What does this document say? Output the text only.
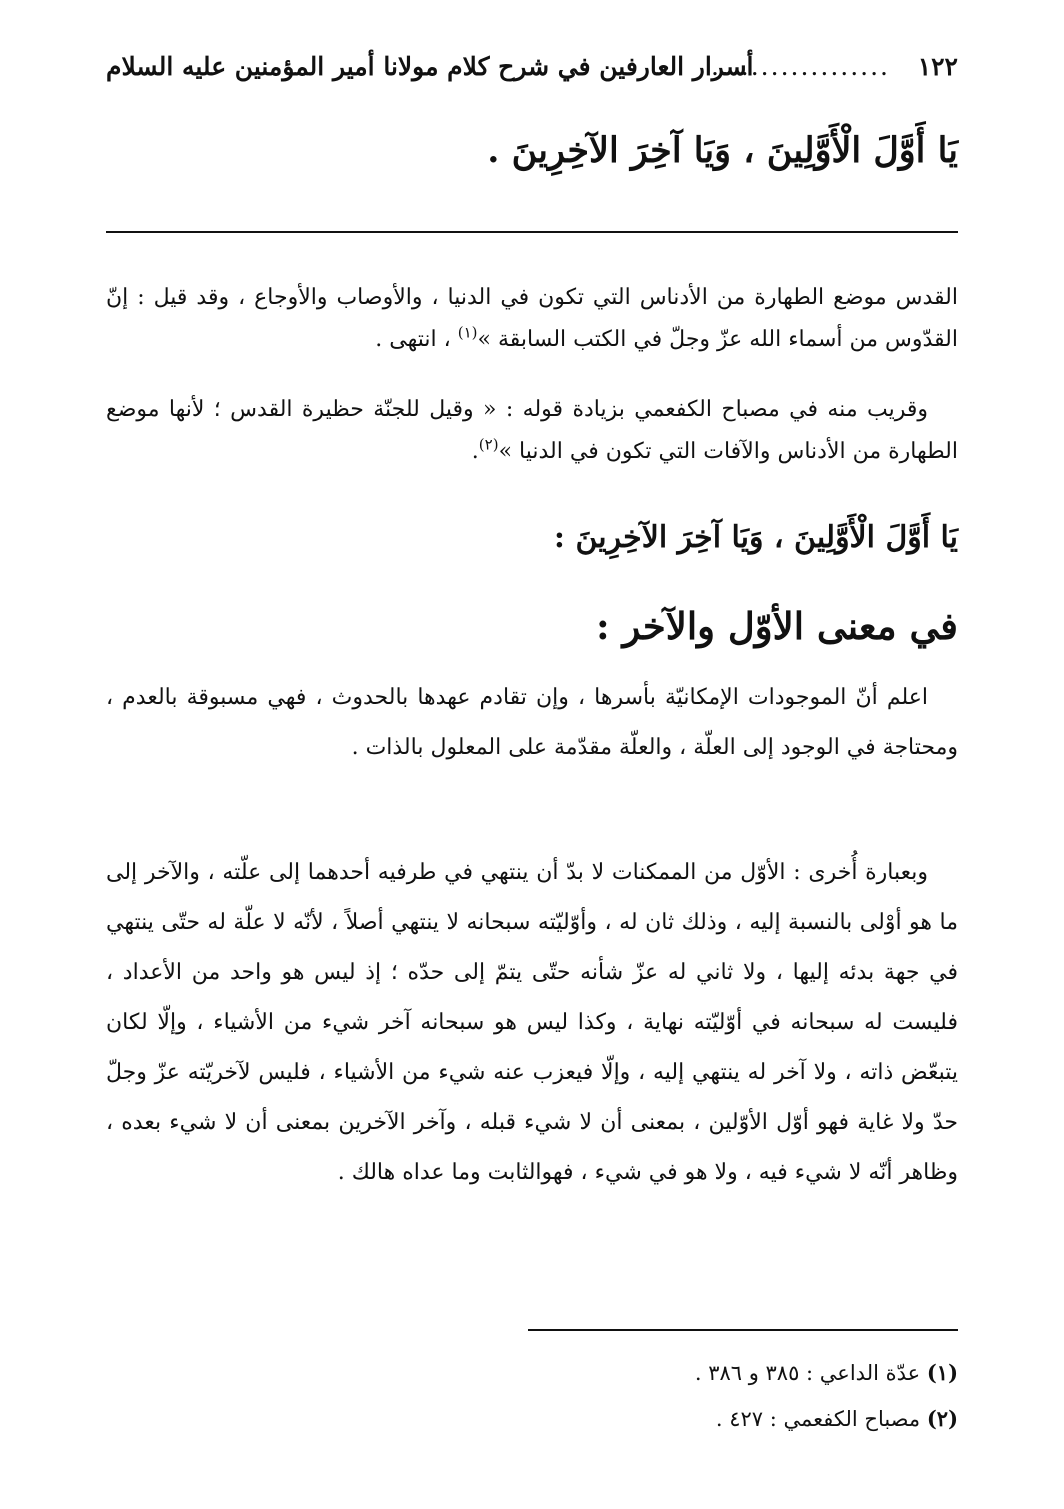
١٢٢
..................
أسرار العارفين في شرح كلام مولانا أمير المؤمنين عليه السلام
يَا أَوَّلَ الْأَوَّلِينَ ، وَيَا آخِرَ الآخِرِينَ .
القدس موضع الطهارة من الأدناس التي تكون في الدنيا ، والأوصاب والأوجاع ، وقد قيل : إنّ القدّوس من أسماء الله عزّ وجلّ في الكتب السابقة »$^{(١)}$ ، انتهى .
وقريب منه في مصباح الكفعمي بزيادة قوله : « وقيل للجنّة حظيرة القدس ؛ لأنها موضع الطهارة من الأدناس والآفات التي تكون في الدنيا »$^{(٢)}$.
يَا أَوَّلَ الْأَوَّلِينَ ، وَيَا آخِرَ الآخِرِينَ :
في معنى الأوّل والآخر :
اعلم أنّ الموجودات الإمكانيّة بأسرها ، وإن تقادم عهدها بالحدوث ، فهي مسبوقة بالعدم ، ومحتاجة في الوجود إلى العلّة ، والعلّة مقدّمة على المعلول بالذات .
وبعبارة أُخرى : الأوّل من الممكنات لا بدّ أن ينتهي في طرفيه أحدهما إلى علّته ، والآخر إلى ما هو أوْلى بالنسبة إليه ، وذلك ثان له ، وأوّليّته سبحانه لا ينتهي أصلاً ، لأنّه لا علّة له حتّى ينتهي في جهة بدئه إليها ، ولا ثاني له عزّ شأنه حتّى يتمّ إلى حدّه ؛ إذ ليس هو واحد من الأعداد ، فليست له سبحانه في أوّليّته نهاية ، وكذا ليس هو سبحانه آخر شيء من الأشياء ، وإلّا لكان يتبعّض ذاته ، ولا آخر له ينتهي إليه ، وإلّا فيعزب عنه شيء من الأشياء ، فليس لآخريّته عزّ وجلّ حدّ ولا غاية فهو أوّل الأوّلين ، بمعنى أن لا شيء قبله ، وآخر الآخرين بمعنى أن لا شيء بعده ، وظاهر أنّه لا شيء فيه ، ولا هو في شيء ، فهوالثابت وما عداه هالك .
(١) عدّة الداعي : ٣٨٥ و ٣٨٦ .
(٢) مصباح الكفعمي : ٤٢٧ .
